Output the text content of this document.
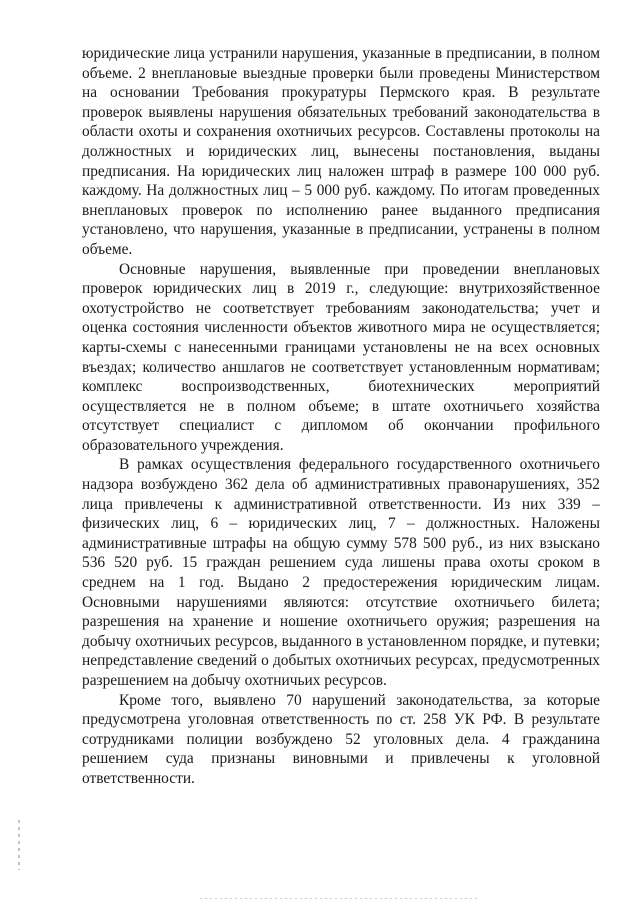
юридические лица устранили нарушения, указанные в предписании, в полном объеме. 2 внеплановые выездные проверки были проведены Министерством на основании Требования прокуратуры Пермского края. В результате проверок выявлены нарушения обязательных требований законодательства в области охоты и сохранения охотничьих ресурсов. Составлены протоколы на должностных и юридических лиц, вынесены постановления, выданы предписания. На юридических лиц наложен штраф в размере 100 000 руб. каждому. На должностных лиц – 5 000 руб. каждому. По итогам проведенных внеплановых проверок по исполнению ранее выданного предписания установлено, что нарушения, указанные в предписании, устранены в полном объеме.

Основные нарушения, выявленные при проведении внеплановых проверок юридических лиц в 2019 г., следующие: внутрихозяйственное охотустройство не соответствует требованиям законодательства; учет и оценка состояния численности объектов животного мира не осуществляется; карты-схемы с нанесенными границами установлены не на всех основных въездах; количество аншлагов не соответствует установленным нормативам; комплекс воспроизводственных, биотехнических мероприятий осуществляется не в полном объеме; в штате охотничьего хозяйства отсутствует специалист с дипломом об окончании профильного образовательного учреждения.

В рамках осуществления федерального государственного охотничьего надзора возбуждено 362 дела об административных правонарушениях, 352 лица привлечены к административной ответственности. Из них 339 – физических лиц, 6 – юридических лиц, 7 – должностных. Наложены административные штрафы на общую сумму 578 500 руб., из них взыскано 536 520 руб. 15 граждан решением суда лишены права охоты сроком в среднем на 1 год. Выдано 2 предостережения юридическим лицам. Основными нарушениями являются: отсутствие охотничьего билета; разрешения на хранение и ношение охотничьего оружия; разрешения на добычу охотничьих ресурсов, выданного в установленном порядке, и путевки; непредставление сведений о добытых охотничьих ресурсах, предусмотренных разрешением на добычу охотничьих ресурсов.

Кроме того, выявлено 70 нарушений законодательства, за которые предусмотрена уголовная ответственность по ст. 258 УК РФ. В результате сотрудниками полиции возбуждено 52 уголовных дела. 4 гражданина решением суда признаны виновными и привлечены к уголовной ответственности.
